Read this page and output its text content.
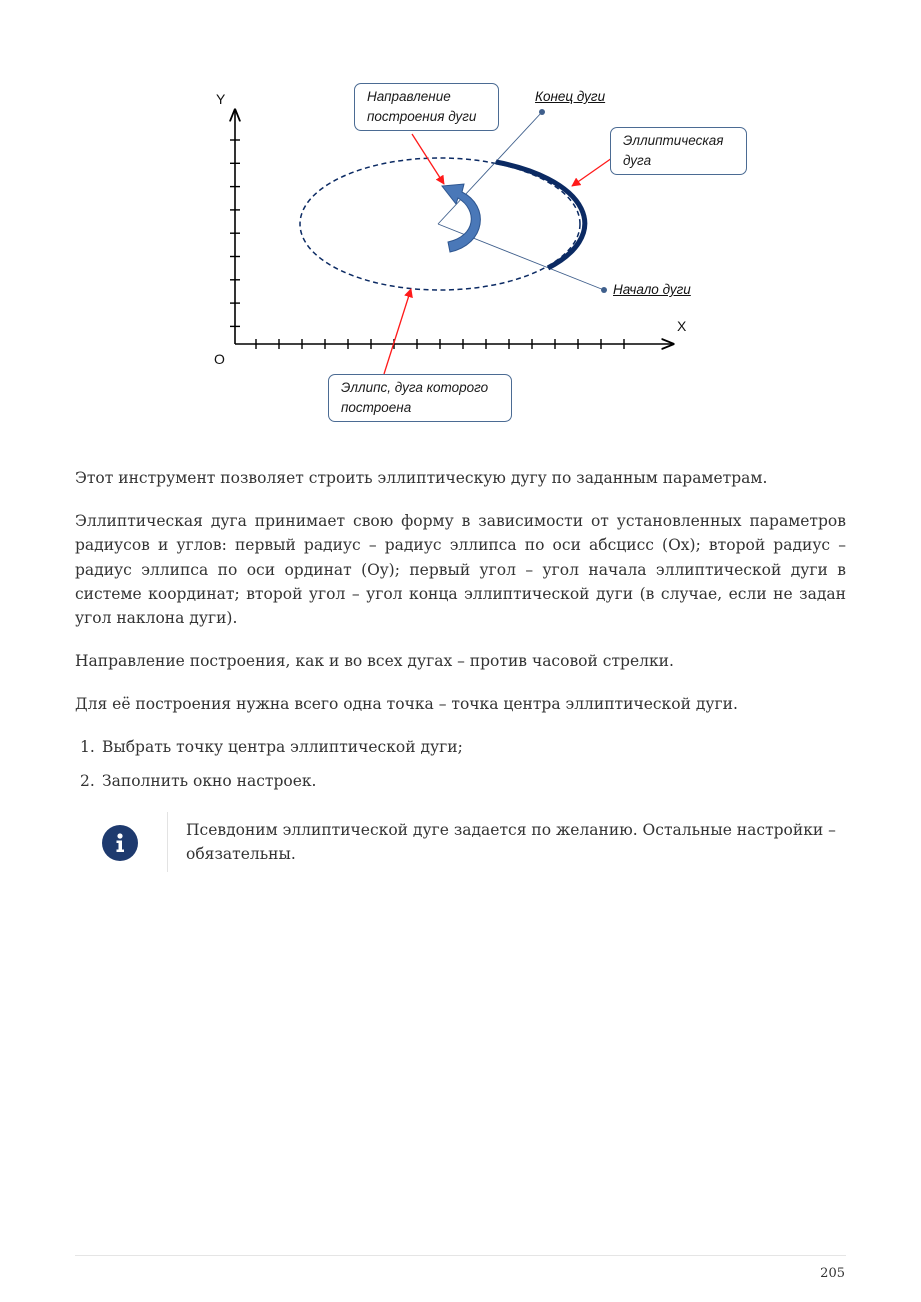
Y
X
O
Направление
построения дуги
Эллиптическая
дуга
Эллипс, дуга которого
построена
Конец дуги
Начало дуги

Этот инструмент позволяет строить эллиптическую дугу по заданным параметрам.

Эллиптическая дуга принимает свою форму в зависимости от установленных параметров радиусов и углов: первый радиус – радиус эллипса по оси абсцисс (Ox); второй радиус – радиус эллипса по оси ординат (Oy); первый угол – угол начала эллиптической дуги в системе координат; второй угол – угол конца эллиптической дуги (в случае, если не задан угол наклона дуги).

Направление построения, как и во всех дугах – против часовой стрелки.

Для её построения нужна всего одна точка – точка центра эллиптической дуги.

1. Выбрать точку центра эллиптической дуги;
2. Заполнить окно настроек.
Псевдоним эллиптической дуге задается по желанию. Остальные настройки – обязательны.
205
